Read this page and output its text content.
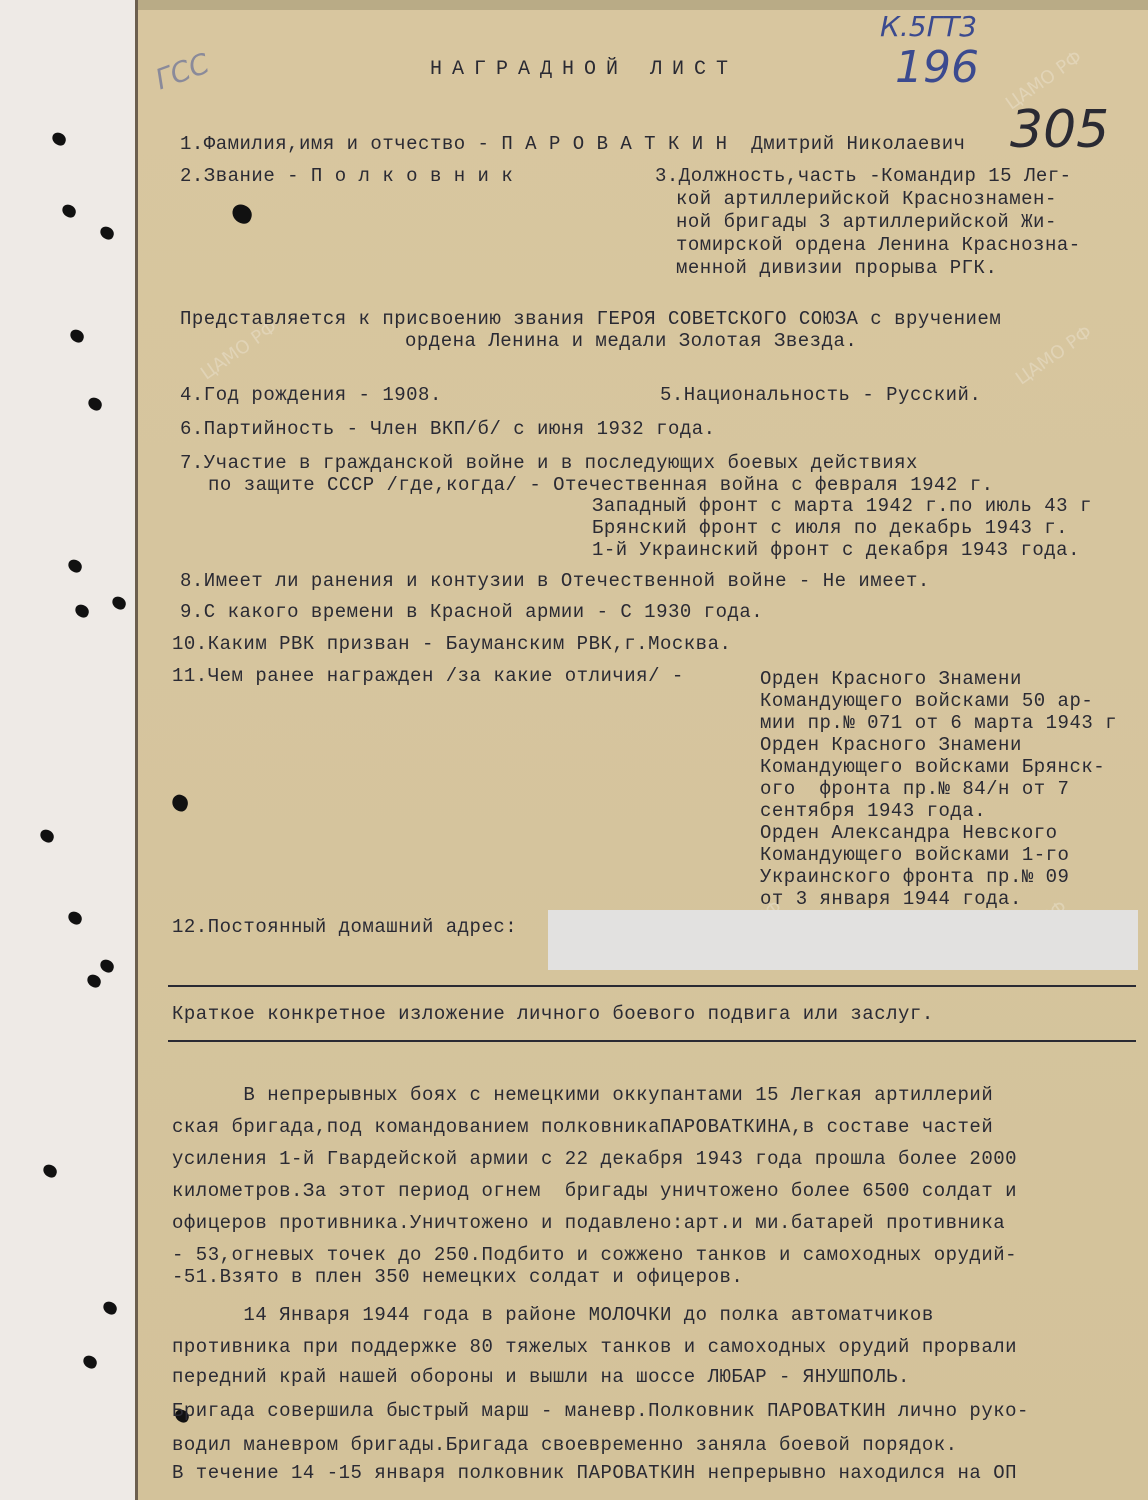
ЦАМО РФ
ЦАМО РФ	ЦАМО РФ
ГСС
К.5ГТ3
196
305
НАГРАДНОЙ ЛИСТ
1.Фамилия,имя и отчество - П А Р О В А Т К И Н  Дмитрий Николаевич
2.Звание - П о л к о в н и к	3.Должность,часть -Командир 15 Лег-
кой артиллерийской Краснознамен-
ной бригады 3 артиллерийской Жи-
томирской ордена Ленина Краснозна-
менной дивизии прорыва РГК.
Представляется к присвоению звания ГЕРОЯ СОВЕТСКОГО СОЮЗА с вручением
ордена Ленина и медали Золотая Звезда.
4.Год рождения - 1908.	5.Национальность - Русский.
6.Партийность - Член ВКП/б/ с июня 1932 года.
7.Участие в гражданской войне и в последующих боевых действиях
по защите СССР /где,когда/ - Отечественная война с февраля 1942 г.
Западный фронт с марта 1942 г.по июль 43 г
Брянский фронт с июля по декабрь 1943 г.
1-й Украинский фронт с декабря 1943 года.
8.Имеет ли ранения и контузии в Отечественной войне - Не имеет.
9.С какого времени в Красной армии - С 1930 года.
10.Каким РВК призван - Бауманским РВК,г.Москва.
11.Чем ранее награжден /за какие отличия/ -	Орден Красного Знамени
Командующего войсками 50 ар-
мии пр.№ 071 от 6 марта 1943 г
Орден Красного Знамени
Командующего войсками Брянск-
ого  фронта пр.№ 84/н от 7
сентября 1943 года.
Орден Александра Невского
Командующего войсками 1-го
Украинского фронта пр.№ 09
от 3 января 1944 года.
12.Постоянный домашний адрес:
Краткое конкретное изложение личного боевого подвига или заслуг.
В непрерывных боях с немецкими оккупантами 15 Легкая артиллерий
ская бригада,под командованием полковникаПАРОВАТКИНА,в составе частей
усиления 1-й Гвардейской армии с 22 декабря 1943 года прошла более 2000
километров.За этот период огнем  бригады уничтожено более 6500 солдат и
офицеров противника.Уничтожено и подавлено:арт.и ми.батарей противника
- 53,огневых точек до 250.Подбито и сожжено танков и самоходных орудий-
-51.Взято в плен 350 немецких солдат и офицеров.
14 Января 1944 года в районе МОЛОЧКИ до полка автоматчиков
противника при поддержке 80 тяжелых танков и самоходных орудий прорвали
передний край нашей обороны и вышли на шоссе ЛЮБАР - ЯНУШПОЛЬ.
Бригада совершила быстрый марш - маневр.Полковник ПАРОВАТКИН лично руко-
водил маневром бригады.Бригада своевременно заняла боевой порядок.
В течение 14 -15 января полковник ПАРОВАТКИН непрерывно находился на ОП
